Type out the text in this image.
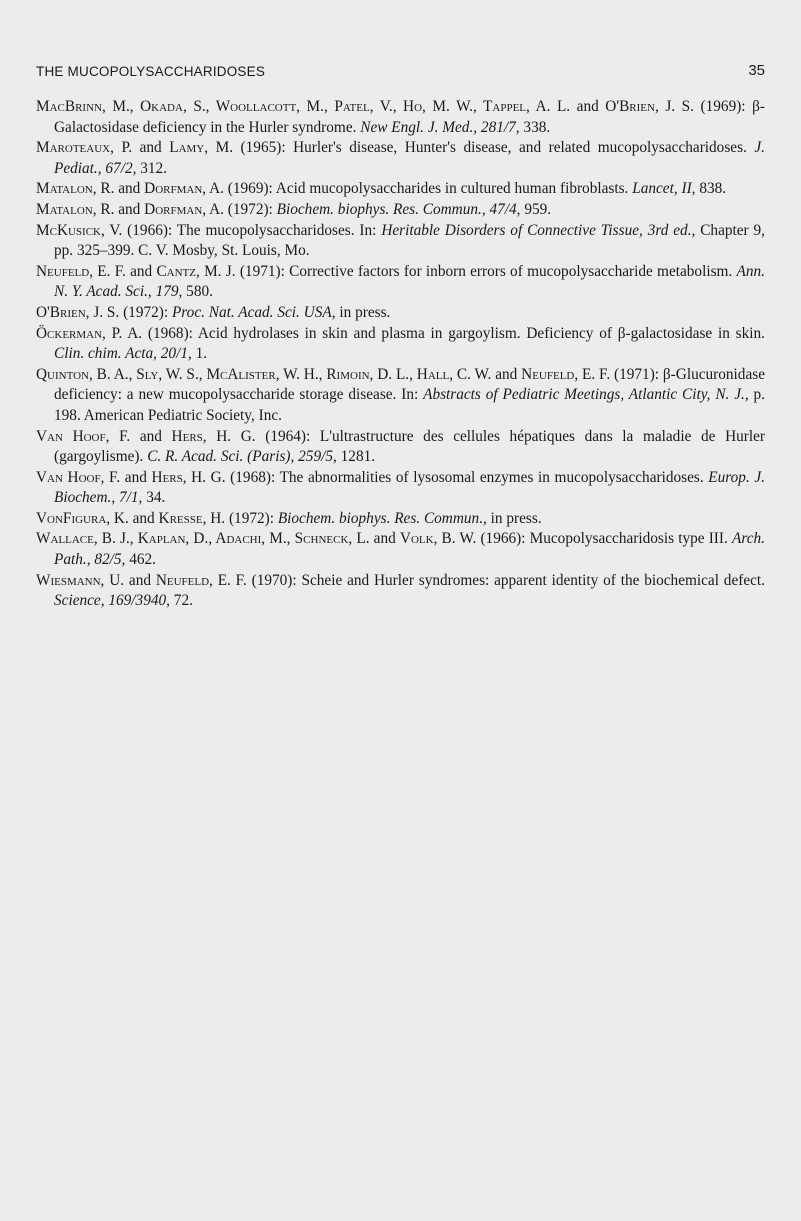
THE MUCOPOLYSACCHARIDOSES	35

MacBrinn, M., Okada, S., Woollacott, M., Patel, V., Ho, M. W., Tappel, A. L. and O'Brien, J. S. (1969): β-Galactosidase deficiency in the Hurler syndrome. New Engl. J. Med., 281/7, 338.

Maroteaux, P. and Lamy, M. (1965): Hurler's disease, Hunter's disease, and related mucopolysaccharidoses. J. Pediat., 67/2, 312.

Matalon, R. and Dorfman, A. (1969): Acid mucopolysaccharides in cultured human fibroblasts. Lancet, II, 838.

Matalon, R. and Dorfman, A. (1972): Biochem. biophys. Res. Commun., 47/4, 959.

McKusick, V. (1966): The mucopolysaccharidoses. In: Heritable Disorders of Connective Tissue, 3rd ed., Chapter 9, pp. 325–399. C. V. Mosby, St. Louis, Mo.

Neufeld, E. F. and Cantz, M. J. (1971): Corrective factors for inborn errors of mucopolysaccharide metabolism. Ann. N. Y. Acad. Sci., 179, 580.

O'Brien, J. S. (1972): Proc. Nat. Acad. Sci. USA, in press.

Öckerman, P. A. (1968): Acid hydrolases in skin and plasma in gargoylism. Deficiency of β-galactosidase in skin. Clin. chim. Acta, 20/1, 1.

Quinton, B. A., Sly, W. S., McAlister, W. H., Rimoin, D. L., Hall, C. W. and Neufeld, E. F. (1971): β-Glucuronidase deficiency: a new mucopolysaccharide storage disease. In: Abstracts of Pediatric Meetings, Atlantic City, N. J., p. 198. American Pediatric Society, Inc.

Van Hoof, F. and Hers, H. G. (1964): L'ultrastructure des cellules hépatiques dans la maladie de Hurler (gargoylisme). C. R. Acad. Sci. (Paris), 259/5, 1281.

Van Hoof, F. and Hers, H. G. (1968): The abnormalities of lysosomal enzymes in mucopolysaccharidoses. Europ. J. Biochem., 7/1, 34.

VonFigura, K. and Kresse, H. (1972): Biochem. biophys. Res. Commun., in press.

Wallace, B. J., Kaplan, D., Adachi, M., Schneck, L. and Volk, B. W. (1966): Mucopolysaccharidosis type III. Arch. Path., 82/5, 462.

Wiesmann, U. and Neufeld, E. F. (1970): Scheie and Hurler syndromes: apparent identity of the biochemical defect. Science, 169/3940, 72.
